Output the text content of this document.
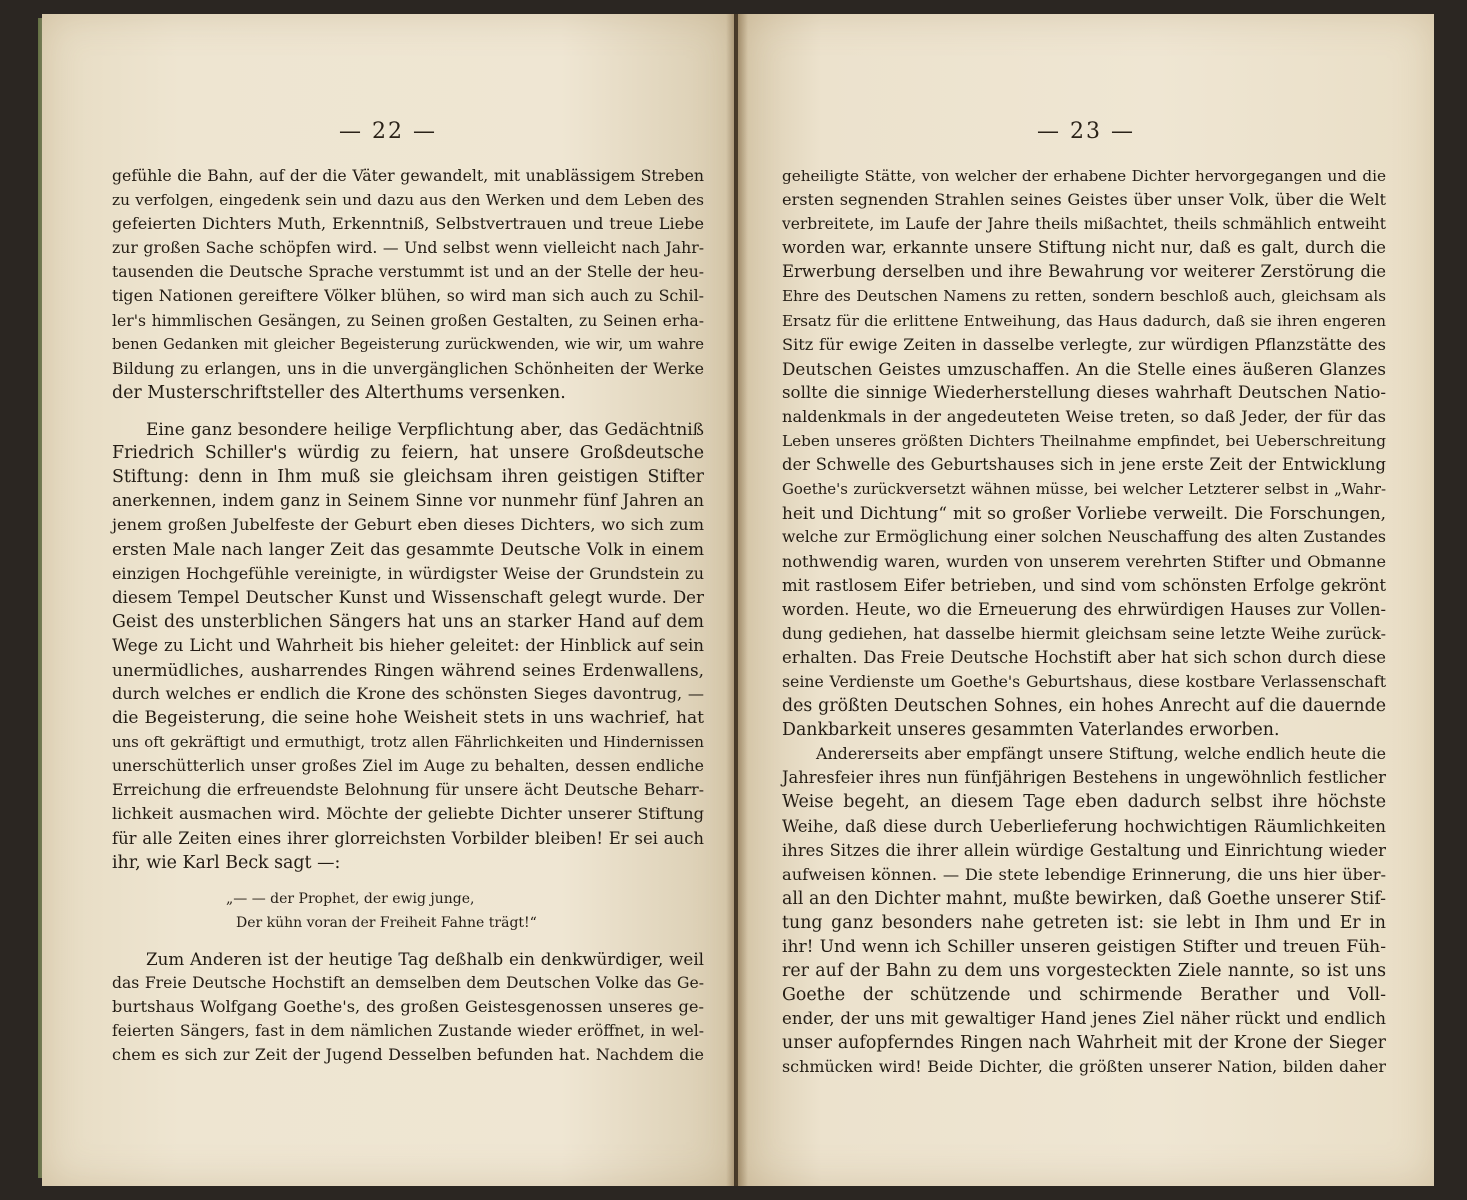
— 22 —
gefühle die Bahn, auf der die Väter gewandelt, mit unablässigem Streben
zu verfolgen, eingedenk sein und dazu aus den Werken und dem Leben des
gefeierten Dichters Muth, Erkenntniß, Selbstvertrauen und treue Liebe
zur großen Sache schöpfen wird. — Und selbst wenn vielleicht nach Jahr-
tausenden die Deutsche Sprache verstummt ist und an der Stelle der heu-
tigen Nationen gereiftere Völker blühen, so wird man sich auch zu Schil-
ler's himmlischen Gesängen, zu Seinen großen Gestalten, zu Seinen erha-
benen Gedanken mit gleicher Begeisterung zurückwenden, wie wir, um wahre
Bildung zu erlangen, uns in die unvergänglichen Schönheiten der Werke
der Musterschriftsteller des Alterthums versenken.
Eine ganz besondere heilige Verpflichtung aber, das Gedächtniß
Friedrich Schiller's würdig zu feiern, hat unsere Großdeutsche
Stiftung: denn in Ihm muß sie gleichsam ihren geistigen Stifter
anerkennen, indem ganz in Seinem Sinne vor nunmehr fünf Jahren an
jenem großen Jubelfeste der Geburt eben dieses Dichters, wo sich zum
ersten Male nach langer Zeit das gesammte Deutsche Volk in einem
einzigen Hochgefühle vereinigte, in würdigster Weise der Grundstein zu
diesem Tempel Deutscher Kunst und Wissenschaft gelegt wurde. Der
Geist des unsterblichen Sängers hat uns an starker Hand auf dem
Wege zu Licht und Wahrheit bis hieher geleitet: der Hinblick auf sein
unermüdliches, ausharrendes Ringen während seines Erdenwallens,
durch welches er endlich die Krone des schönsten Sieges davontrug, —
die Begeisterung, die seine hohe Weisheit stets in uns wachrief, hat
uns oft gekräftigt und ermuthigt, trotz allen Fährlichkeiten und Hindernissen
unerschütterlich unser großes Ziel im Auge zu behalten, dessen endliche
Erreichung die erfreuendste Belohnung für unsere ächt Deutsche Beharr-
lichkeit ausmachen wird. Möchte der geliebte Dichter unserer Stiftung
für alle Zeiten eines ihrer glorreichsten Vorbilder bleiben! Er sei auch
ihr, wie Karl Beck sagt —:
„— — der Prophet, der ewig junge,
Der kühn voran der Freiheit Fahne trägt!“
Zum Anderen ist der heutige Tag deßhalb ein denkwürdiger, weil
das Freie Deutsche Hochstift an demselben dem Deutschen Volke das Ge-
burtshaus Wolfgang Goethe's, des großen Geistesgenossen unseres ge-
feierten Sängers, fast in dem nämlichen Zustande wieder eröffnet, in wel-
chem es sich zur Zeit der Jugend Desselben befunden hat. Nachdem die
— 23 —
geheiligte Stätte, von welcher der erhabene Dichter hervorgegangen und die
ersten segnenden Strahlen seines Geistes über unser Volk, über die Welt
verbreitete, im Laufe der Jahre theils mißachtet, theils schmählich entweiht
worden war, erkannte unsere Stiftung nicht nur, daß es galt, durch die
Erwerbung derselben und ihre Bewahrung vor weiterer Zerstörung die
Ehre des Deutschen Namens zu retten, sondern beschloß auch, gleichsam als
Ersatz für die erlittene Entweihung, das Haus dadurch, daß sie ihren engeren
Sitz für ewige Zeiten in dasselbe verlegte, zur würdigen Pflanzstätte des
Deutschen Geistes umzuschaffen. An die Stelle eines äußeren Glanzes
sollte die sinnige Wiederherstellung dieses wahrhaft Deutschen Natio-
naldenkmals in der angedeuteten Weise treten, so daß Jeder, der für das
Leben unseres größten Dichters Theilnahme empfindet, bei Ueberschreitung
der Schwelle des Geburtshauses sich in jene erste Zeit der Entwicklung
Goethe's zurückversetzt wähnen müsse, bei welcher Letzterer selbst in „Wahr-
heit und Dichtung“ mit so großer Vorliebe verweilt. Die Forschungen,
welche zur Ermöglichung einer solchen Neuschaffung des alten Zustandes
nothwendig waren, wurden von unserem verehrten Stifter und Obmanne
mit rastlosem Eifer betrieben, und sind vom schönsten Erfolge gekrönt
worden. Heute, wo die Erneuerung des ehrwürdigen Hauses zur Vollen-
dung gediehen, hat dasselbe hiermit gleichsam seine letzte Weihe zurück-
erhalten. Das Freie Deutsche Hochstift aber hat sich schon durch diese
seine Verdienste um Goethe's Geburtshaus, diese kostbare Verlassenschaft
des größten Deutschen Sohnes, ein hohes Anrecht auf die dauernde
Dankbarkeit unseres gesammten Vaterlandes erworben.
Andererseits aber empfängt unsere Stiftung, welche endlich heute die
Jahresfeier ihres nun fünfjährigen Bestehens in ungewöhnlich festlicher
Weise begeht, an diesem Tage eben dadurch selbst ihre höchste
Weihe, daß diese durch Ueberlieferung hochwichtigen Räumlichkeiten
ihres Sitzes die ihrer allein würdige Gestaltung und Einrichtung wieder
aufweisen können. — Die stete lebendige Erinnerung, die uns hier über-
all an den Dichter mahnt, mußte bewirken, daß Goethe unserer Stif-
tung ganz besonders nahe getreten ist: sie lebt in Ihm und Er in
ihr! Und wenn ich Schiller unseren geistigen Stifter und treuen Füh-
rer auf der Bahn zu dem uns vorgesteckten Ziele nannte, so ist uns
Goethe der schützende und schirmende Berather und Voll-
ender, der uns mit gewaltiger Hand jenes Ziel näher rückt und endlich
unser aufopferndes Ringen nach Wahrheit mit der Krone der Sieger
schmücken wird! Beide Dichter, die größten unserer Nation, bilden daher
